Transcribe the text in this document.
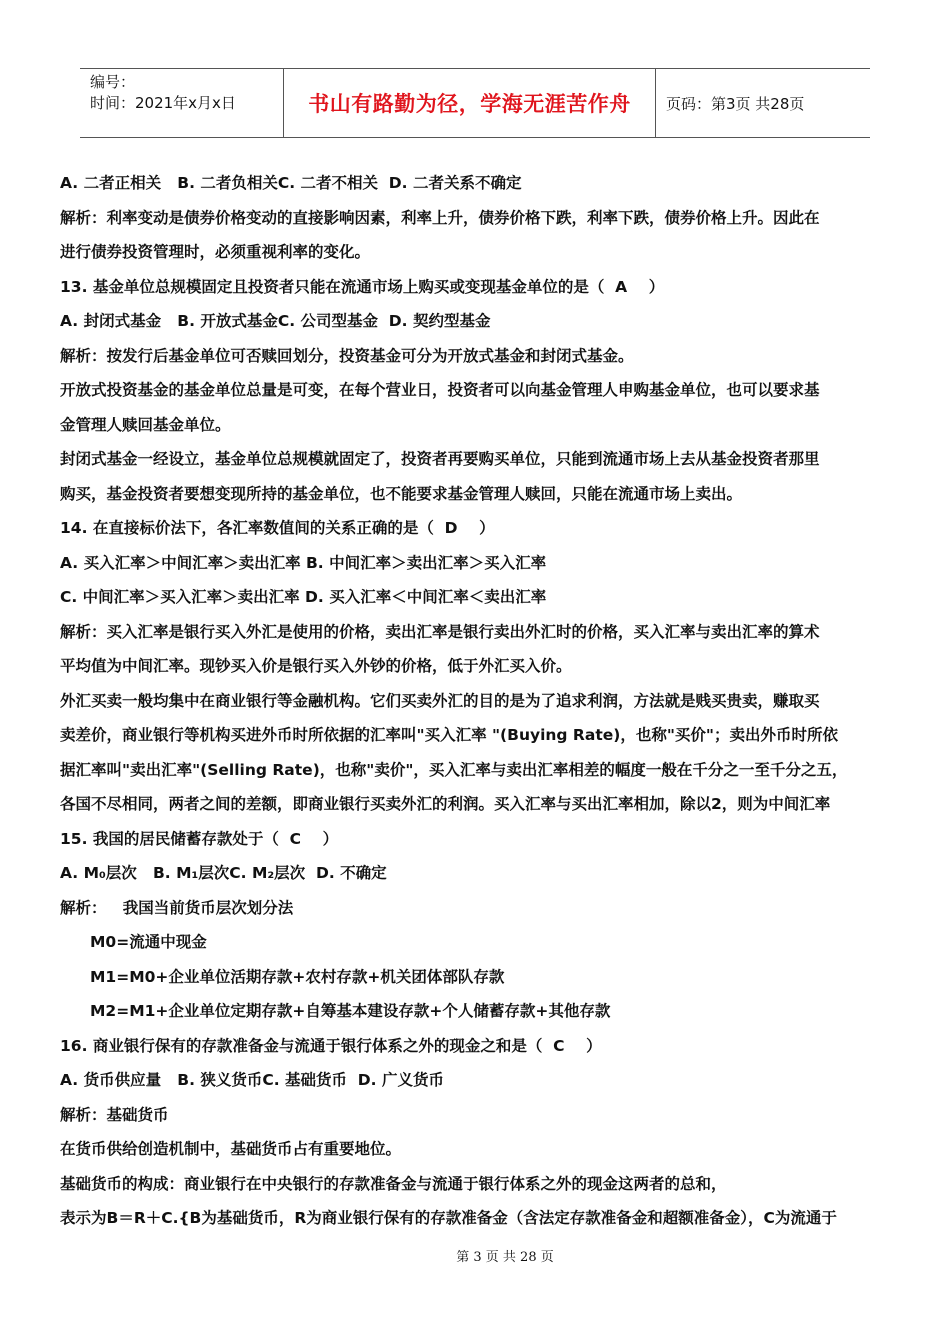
编号：
时间：2021年x月x日	书山有路勤为径，学海无涯苦作舟	页码：第3页 共28页

A. 二者正相关   B. 二者负相关C. 二者不相关  D. 二者关系不确定

解析：利率变动是债券价格变动的直接影响因素，利率上升，债券价格下跌，利率下跌，债券价格上升。因此在

进行债券投资管理时，必须重视利率的变化。

13. 基金单位总规模固定且投资者只能在流通市场上购买或变现基金单位的是（  A    ）

A. 封闭式基金   B. 开放式基金C. 公司型基金  D. 契约型基金

解析：按发行后基金单位可否赎回划分，投资基金可分为开放式基金和封闭式基金。

开放式投资基金的基金单位总量是可变，在每个营业日，投资者可以向基金管理人申购基金单位，也可以要求基

金管理人赎回基金单位。

封闭式基金一经设立，基金单位总规模就固定了，投资者再要购买单位，只能到流通市场上去从基金投资者那里

购买，基金投资者要想变现所持的基金单位，也不能要求基金管理人赎回，只能在流通市场上卖出。

14. 在直接标价法下，各汇率数值间的关系正确的是（  D    ）

A. 买入汇率＞中间汇率＞卖出汇率 B. 中间汇率＞卖出汇率＞买入汇率

C. 中间汇率＞买入汇率＞卖出汇率 D. 买入汇率＜中间汇率＜卖出汇率

解析：买入汇率是银行买入外汇是使用的价格，卖出汇率是银行卖出外汇时的价格，买入汇率与卖出汇率的算术

平均值为中间汇率。现钞买入价是银行买入外钞的价格，低于外汇买入价。

外汇买卖一般均集中在商业银行等金融机构。它们买卖外汇的目的是为了追求利润，方法就是贱买贵卖，赚取买

卖差价，商业银行等机构买进外币时所依据的汇率叫"买入汇率 "(Buying Rate)，也称"买价"；卖出外币时所依

据汇率叫"卖出汇率"(Selling Rate)，也称"卖价"，买入汇率与卖出汇率相差的幅度一般在千分之一至千分之五，

各国不尽相同，两者之间的差额，即商业银行买卖外汇的利润。买入汇率与买出汇率相加，除以2，则为中间汇率

15. 我国的居民储蓄存款处于（  C    ）

A. M₀层次   B. M₁层次C. M₂层次  D. 不确定

解析：   我国当前货币层次划分法

M0=流通中现金

M1=M0+企业单位活期存款+农村存款+机关团体部队存款

M2=M1+企业单位定期存款+自筹基本建设存款+个人储蓄存款+其他存款

16. 商业银行保有的存款准备金与流通于银行体系之外的现金之和是（  C    ）

A. 货币供应量   B. 狭义货币C. 基础货币  D. 广义货币

解析：基础货币

在货币供给创造机制中，基础货币占有重要地位。

基础货币的构成：商业银行在中央银行的存款准备金与流通于银行体系之外的现金这两者的总和，

表示为B＝R＋C.{B为基础货币，R为商业银行保有的存款准备金（含法定存款准备金和超额准备金），C为流通于

第 3 页 共 28 页
